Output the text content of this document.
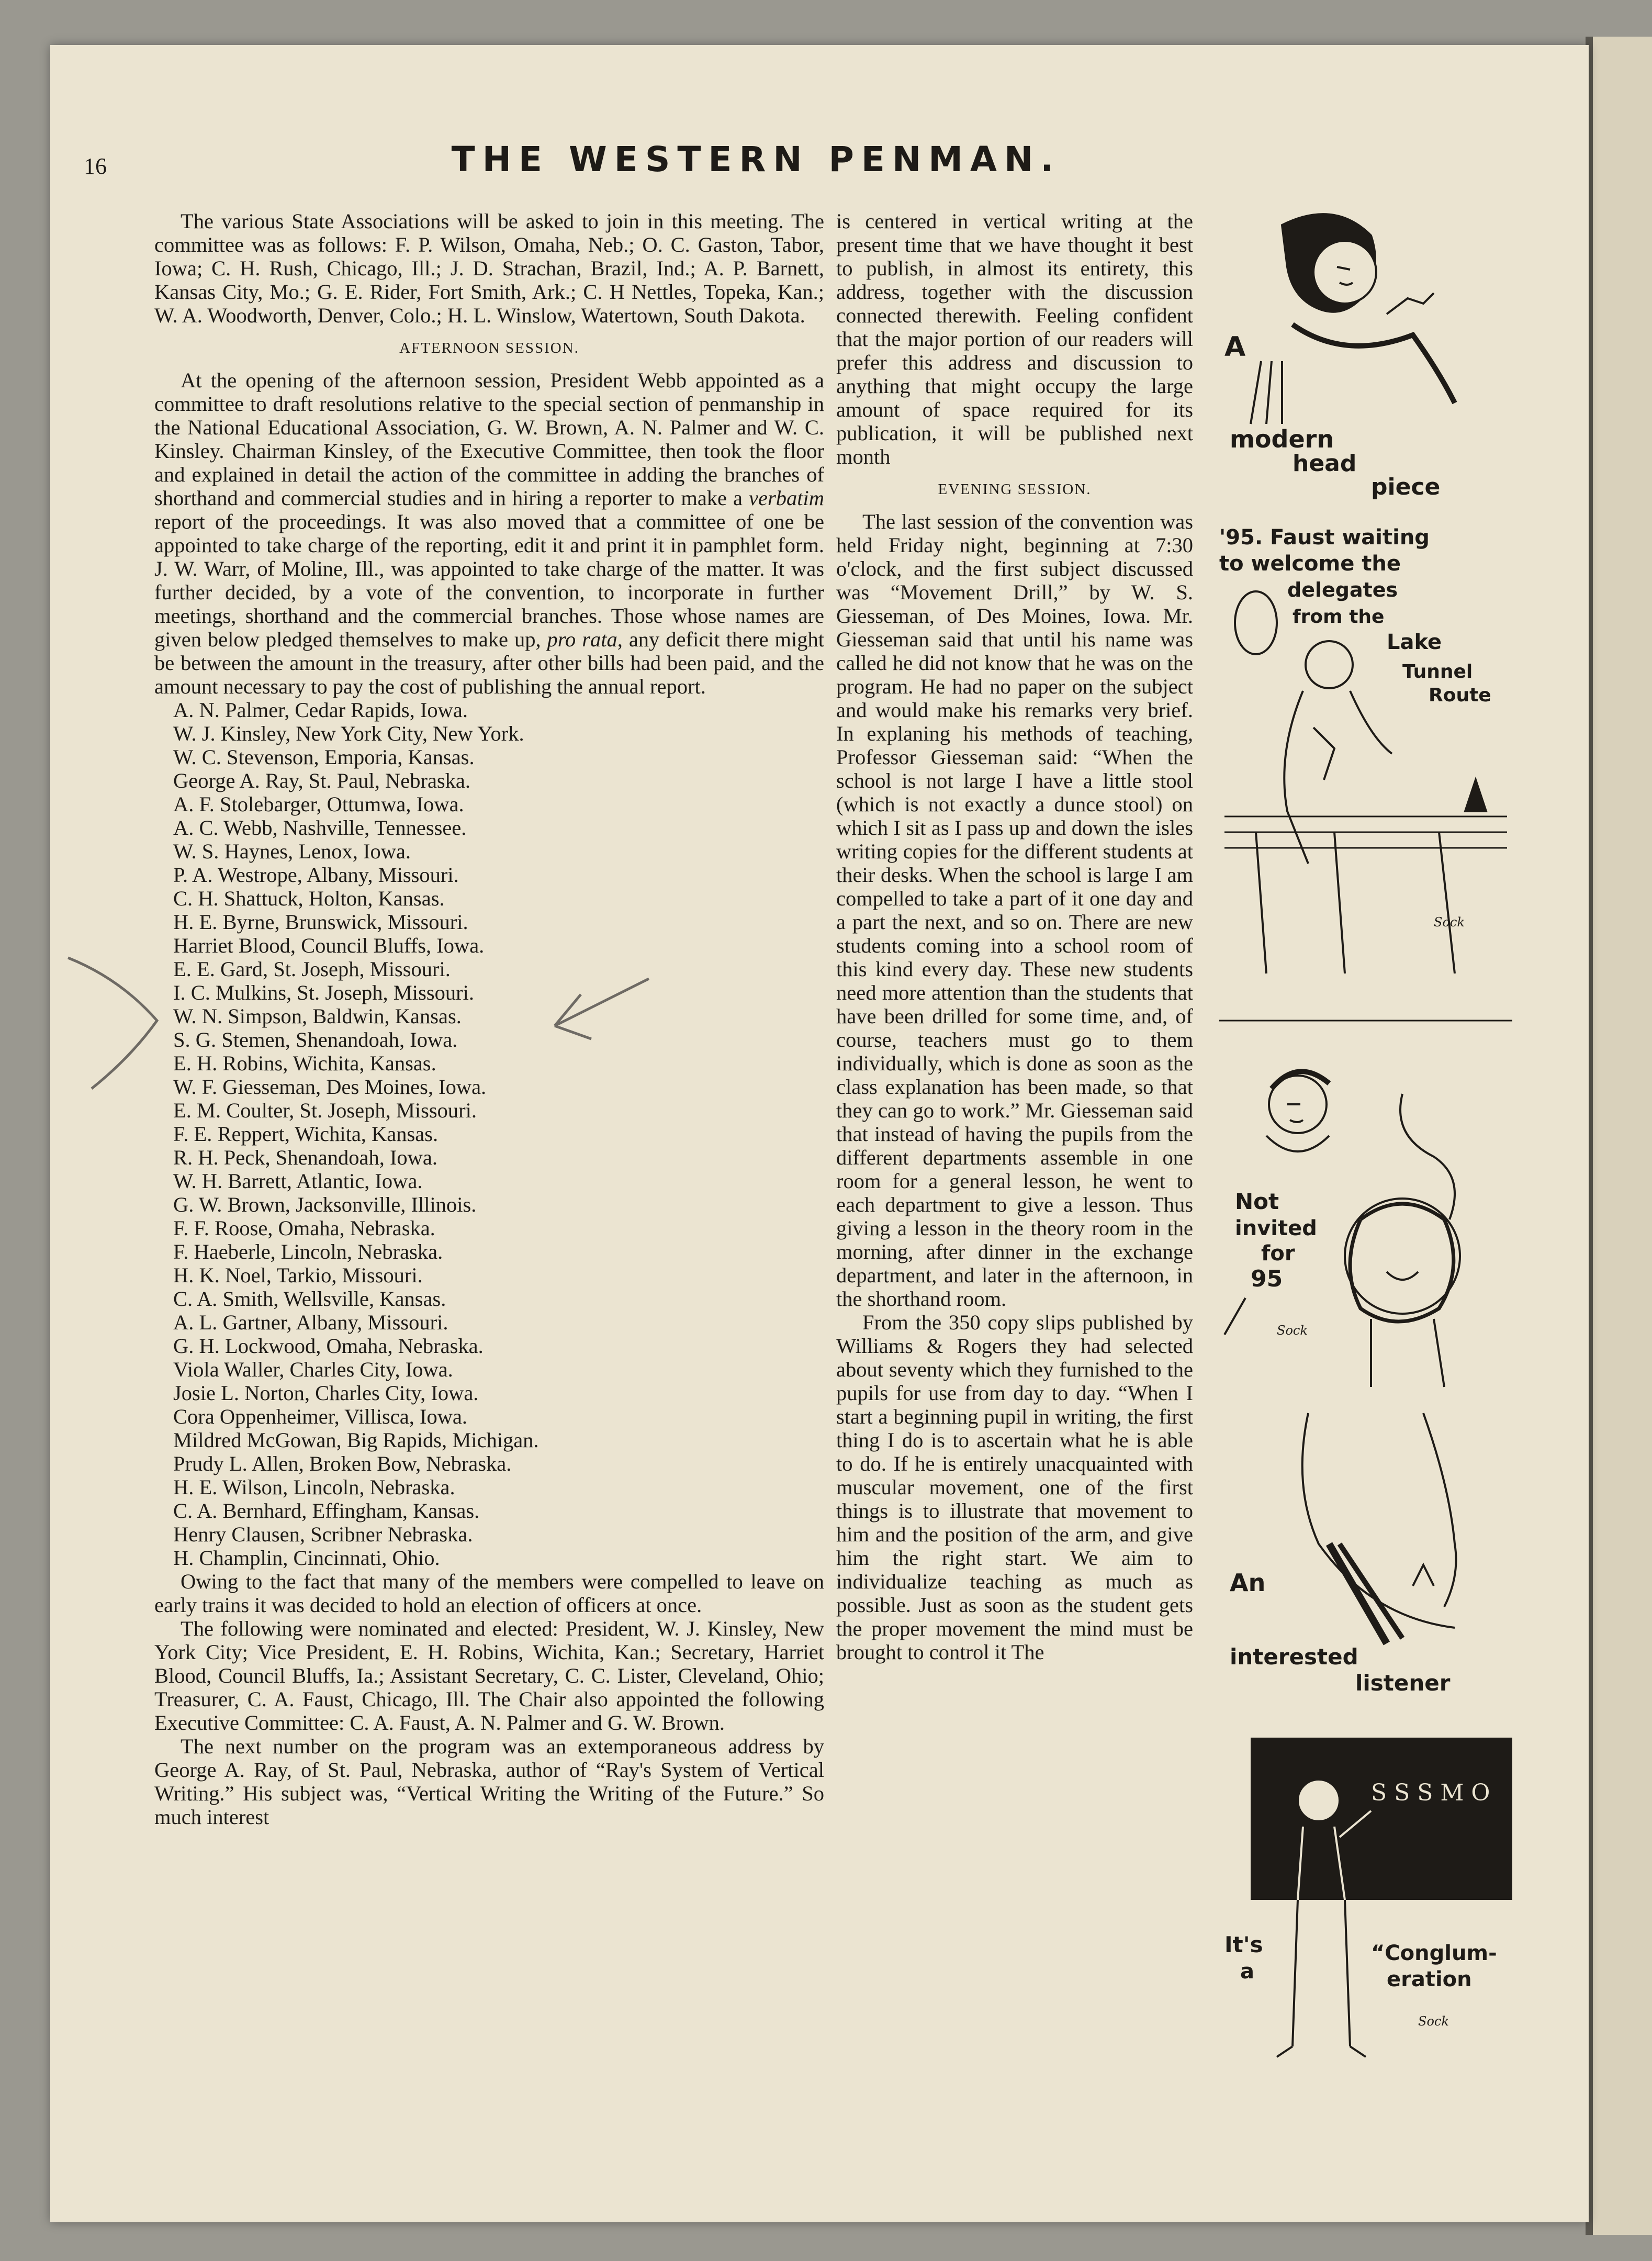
16	THE WESTERN PENMAN.

The various State Associations will be asked to join in this meeting. The committee was as follows: F. P. Wilson, Omaha, Neb.; O. C. Gaston, Tabor, Iowa; C. H. Rush, Chicago, Ill.; J. D. Strachan, Brazil, Ind.; A. P. Barnett, Kansas City, Mo.; G. E. Rider, Fort Smith, Ark.; C. H Nettles, Topeka, Kan.; W. A. Woodworth, Denver, Colo.; H. L. Winslow, Watertown, South Dakota.

AFTERNOON SESSION.

At the opening of the afternoon session, President Webb appointed as a committee to draft resolutions relative to the special section of penmanship in the National Educational Association, G. W. Brown, A. N. Palmer and W. C. Kinsley. Chairman Kinsley, of the Executive Committee, then took the floor and explained in detail the action of the committee in adding the branches of shorthand and commercial studies and in hiring a reporter to make a verbatim report of the proceedings. It was also moved that a committee of one be appointed to take charge of the reporting, edit it and print it in pamphlet form. J. W. Warr, of Moline, Ill., was appointed to take charge of the matter. It was further decided, by a vote of the convention, to incorporate in further meetings, shorthand and the commercial branches. Those whose names are given below pledged themselves to make up, pro rata, any deficit there might be between the amount in the treasury, after other bills had been paid, and the amount necessary to pay the cost of publishing the annual report.

A. N. Palmer, Cedar Rapids, Iowa.
W. J. Kinsley, New York City, New York.
W. C. Stevenson, Emporia, Kansas.
George A. Ray, St. Paul, Nebraska.
A. F. Stolebarger, Ottumwa, Iowa.
A. C. Webb, Nashville, Tennessee.
W. S. Haynes, Lenox, Iowa.
P. A. Westrope, Albany, Missouri.
C. H. Shattuck, Holton, Kansas.
H. E. Byrne, Brunswick, Missouri.
Harriet Blood, Council Bluffs, Iowa.
E. E. Gard, St. Joseph, Missouri.
I. C. Mulkins, St. Joseph, Missouri.
W. N. Simpson, Baldwin, Kansas.
S. G. Stemen, Shenandoah, Iowa.
E. H. Robins, Wichita, Kansas.
W. F. Giesseman, Des Moines, Iowa.
E. M. Coulter, St. Joseph, Missouri.
F. E. Reppert, Wichita, Kansas.
R. H. Peck, Shenandoah, Iowa.
W. H. Barrett, Atlantic, Iowa.
G. W. Brown, Jacksonville, Illinois.
F. F. Roose, Omaha, Nebraska.
F. Haeberle, Lincoln, Nebraska.
H. K. Noel, Tarkio, Missouri.
C. A. Smith, Wellsville, Kansas.
A. L. Gartner, Albany, Missouri.
G. H. Lockwood, Omaha, Nebraska.
Viola Waller, Charles City, Iowa.
Josie L. Norton, Charles City, Iowa.
Cora Oppenheimer, Villisca, Iowa.
Mildred McGowan, Big Rapids, Michigan.
Prudy L. Allen, Broken Bow, Nebraska.
H. E. Wilson, Lincoln, Nebraska.
C. A. Bernhard, Effingham, Kansas.
Henry Clausen, Scribner Nebraska.
H. Champlin, Cincinnati, Ohio.

Owing to the fact that many of the members were compelled to leave on early trains it was decided to hold an election of officers at once.

The following were nominated and elected: President, W. J. Kinsley, New York City; Vice President, E. H. Robins, Wichita, Kan.; Secretary, Harriet Blood, Council Bluffs, Ia.; Assistant Secretary, C. C. Lister, Cleveland, Ohio; Treasurer, C. A. Faust, Chicago, Ill. The Chair also appointed the following Executive Committee: C. A. Faust, A. N. Palmer and G. W. Brown.

The next number on the program was an extemporaneous address by George A. Ray, of St. Paul, Nebraska, author of “Ray's System of Vertical Writing.” His subject was, “Vertical Writing the Writing of the Future.” So much interest

is centered in vertical writing at the present time that we have thought it best to publish, in almost its entirety, this address, together with the discussion connected therewith. Feeling confident that the major portion of our readers will prefer this address and discussion to anything that might occupy the large amount of space required for its publication, it will be published next month

EVENING SESSION.

The last session of the convention was held Friday night, beginning at 7:30 o'clock, and the first subject discussed was “Movement Drill,” by W. S. Giesseman, of Des Moines, Iowa. Mr. Giesseman said that until his name was called he did not know that he was on the program. He had no paper on the subject and would make his remarks very brief. In explaning his methods of teaching, Professor Giesseman said: “When the school is not large I have a little stool (which is not exactly a dunce stool) on which I sit as I pass up and down the isles writing copies for the different students at their desks. When the school is large I am compelled to take a part of it one day and a part the next, and so on. There are new students coming into a school room of this kind every day. These new students need more attention than the students that have been drilled for some time, and, of course, teachers must go to them individually, which is done as soon as the class explanation has been made, so that they can go to work.” Mr. Giesseman said that instead of having the pupils from the different departments assemble in one room for a general lesson, he went to each department to give a lesson. Thus giving a lesson in the theory room in the morning, after dinner in the exchange department, and later in the afternoon, in the shorthand room.

From the 350 copy slips published by Williams & Rogers they had selected about seventy which they furnished to the pupils for use from day to day. “When I start a beginning pupil in writing, the first thing I do is to ascertain what he is able to do. If he is entirely unacquainted with muscular movement, one of the first things is to illustrate that movement to him and the position of the arm, and give him the right start. We aim to individualize teaching as much as possible. Just as soon as the student gets the proper movement the mind must be brought to control it The

A
modern
head
piece
'95. Faust waiting
to welcome the
delegates
from the
Lake
Tunnel
Route
Sock
Not
invited
for
95
Sock
An
interested
listener
S S S M O
It's
a
“Conglum-
eration
Sock
